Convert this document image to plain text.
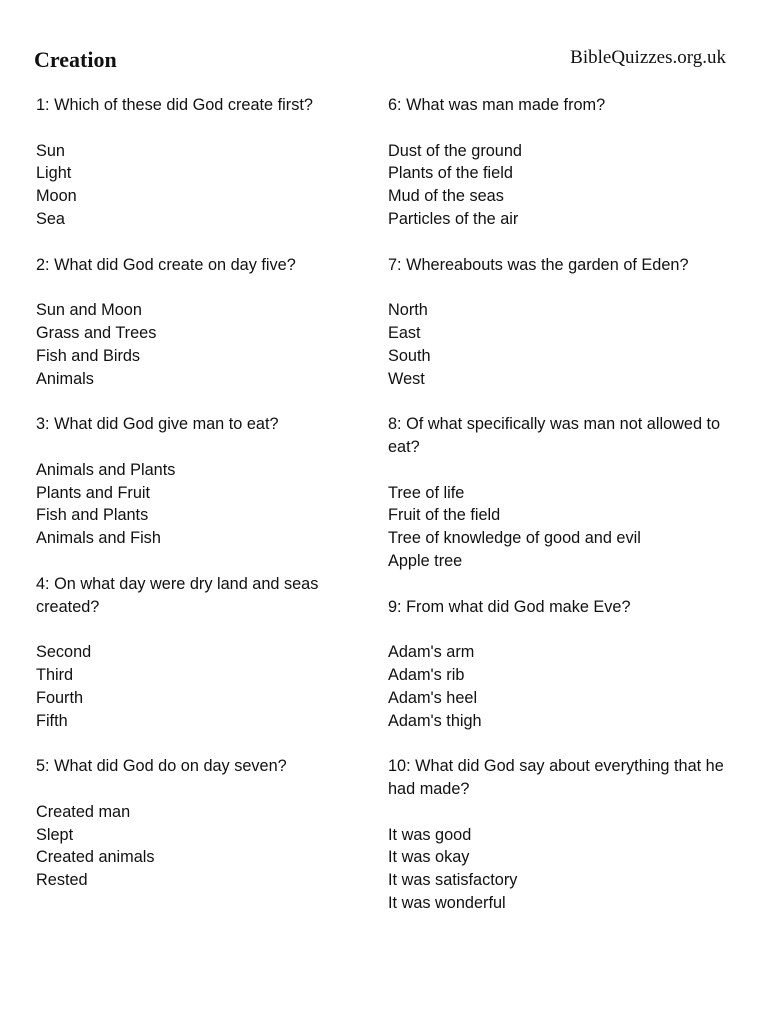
Creation	BibleQuizzes.org.uk

1: Which of these did God create first?

Sun
Light
Moon
Sea

2: What did God create on day five?

Sun and Moon
Grass and Trees
Fish and Birds
Animals

3: What did God give man to eat?

Animals and Plants
Plants and Fruit
Fish and Plants
Animals and Fish

4: On what day were dry land and seas created?

Second
Third
Fourth
Fifth

5: What did God do on day seven?

Created man
Slept
Created animals
Rested

6: What was man made from?

Dust of the ground
Plants of the field
Mud of the seas
Particles of the air

7: Whereabouts was the garden of Eden?

North
East
South
West

8: Of what specifically was man not allowed to eat?

Tree of life
Fruit of the field
Tree of knowledge of good and evil
Apple tree

9: From what did God make Eve?

Adam's arm
Adam's rib
Adam's heel
Adam's thigh

10: What did God say about everything that he had made?

It was good
It was okay
It was satisfactory
It was wonderful
